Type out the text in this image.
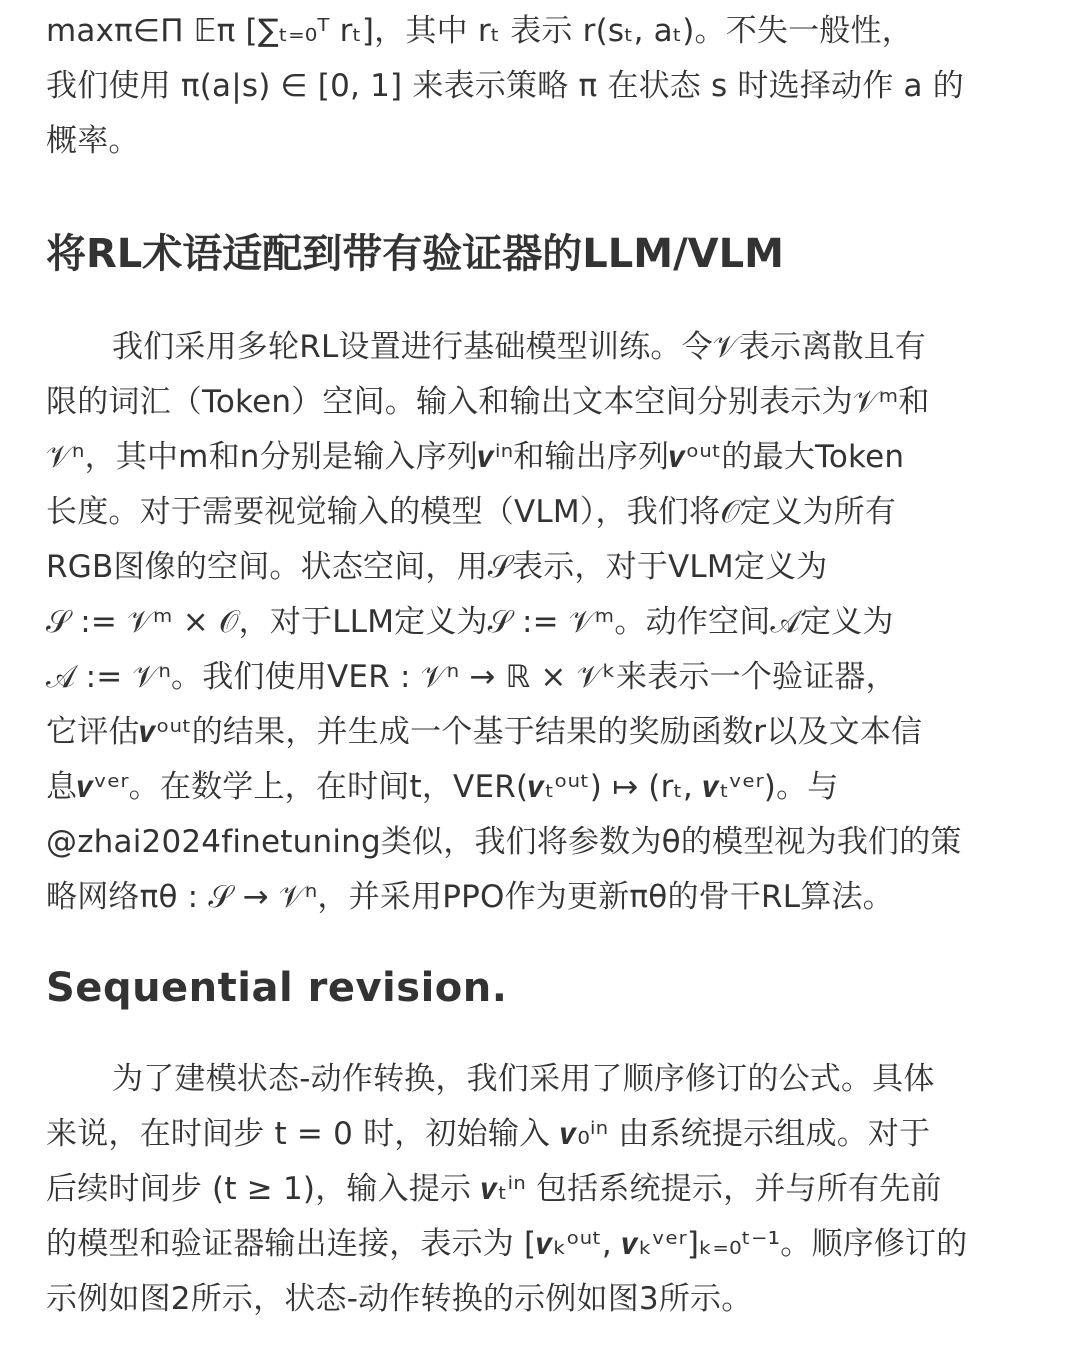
maxπ∈Π 𝔼π [∑ₜ₌₀ᵀ rₜ]，其中 rₜ 表示 r(sₜ, aₜ)。不失一般性，
我们使用 π(a|s) ∈ [0, 1] 来表示策略 π 在状态 s 时选择动作 a 的
概率。

将RL术语适配到带有验证器的LLM/VLM

我们采用多轮RL设置进行基础模型训练。令𝒱表示离散且有
限的词汇（Token）空间。输入和输出文本空间分别表示为𝒱ᵐ和
𝒱ⁿ，其中m和n分别是输入序列𝒗ⁱⁿ和输出序列𝒗ᵒᵘᵗ的最大Token
长度。对于需要视觉输入的模型（VLM），我们将𝒪定义为所有
RGB图像的空间。状态空间，用𝒮表示，对于VLM定义为
𝒮 := 𝒱ᵐ × 𝒪，对于LLM定义为𝒮 := 𝒱ᵐ。动作空间𝒜定义为
𝒜 := 𝒱ⁿ。我们使用VER : 𝒱ⁿ → ℝ × 𝒱ᵏ来表示一个验证器，
它评估𝒗ᵒᵘᵗ的结果，并生成一个基于结果的奖励函数r以及文本信
息𝒗ᵛᵉʳ。在数学上，在时间t，VER(𝒗ₜᵒᵘᵗ) ↦ (rₜ, 𝒗ₜᵛᵉʳ)。与
@zhai2024finetuning类似，我们将参数为θ的模型视为我们的策
略网络πθ : 𝒮 → 𝒱ⁿ，并采用PPO作为更新πθ的骨干RL算法。

Sequential revision.

为了建模状态-动作转换，我们采用了顺序修订的公式。具体
来说，在时间步 t = 0 时，初始输入 𝒗₀ⁱⁿ 由系统提示组成。对于
后续时间步 (t ≥ 1)，输入提示 𝒗ₜⁱⁿ 包括系统提示，并与所有先前
的模型和验证器输出连接，表示为 [𝒗ₖᵒᵘᵗ, 𝒗ₖᵛᵉʳ]ₖ₌₀ᵗ⁻¹。顺序修订的
示例如图2所示，状态-动作转换的示例如图3所示。
